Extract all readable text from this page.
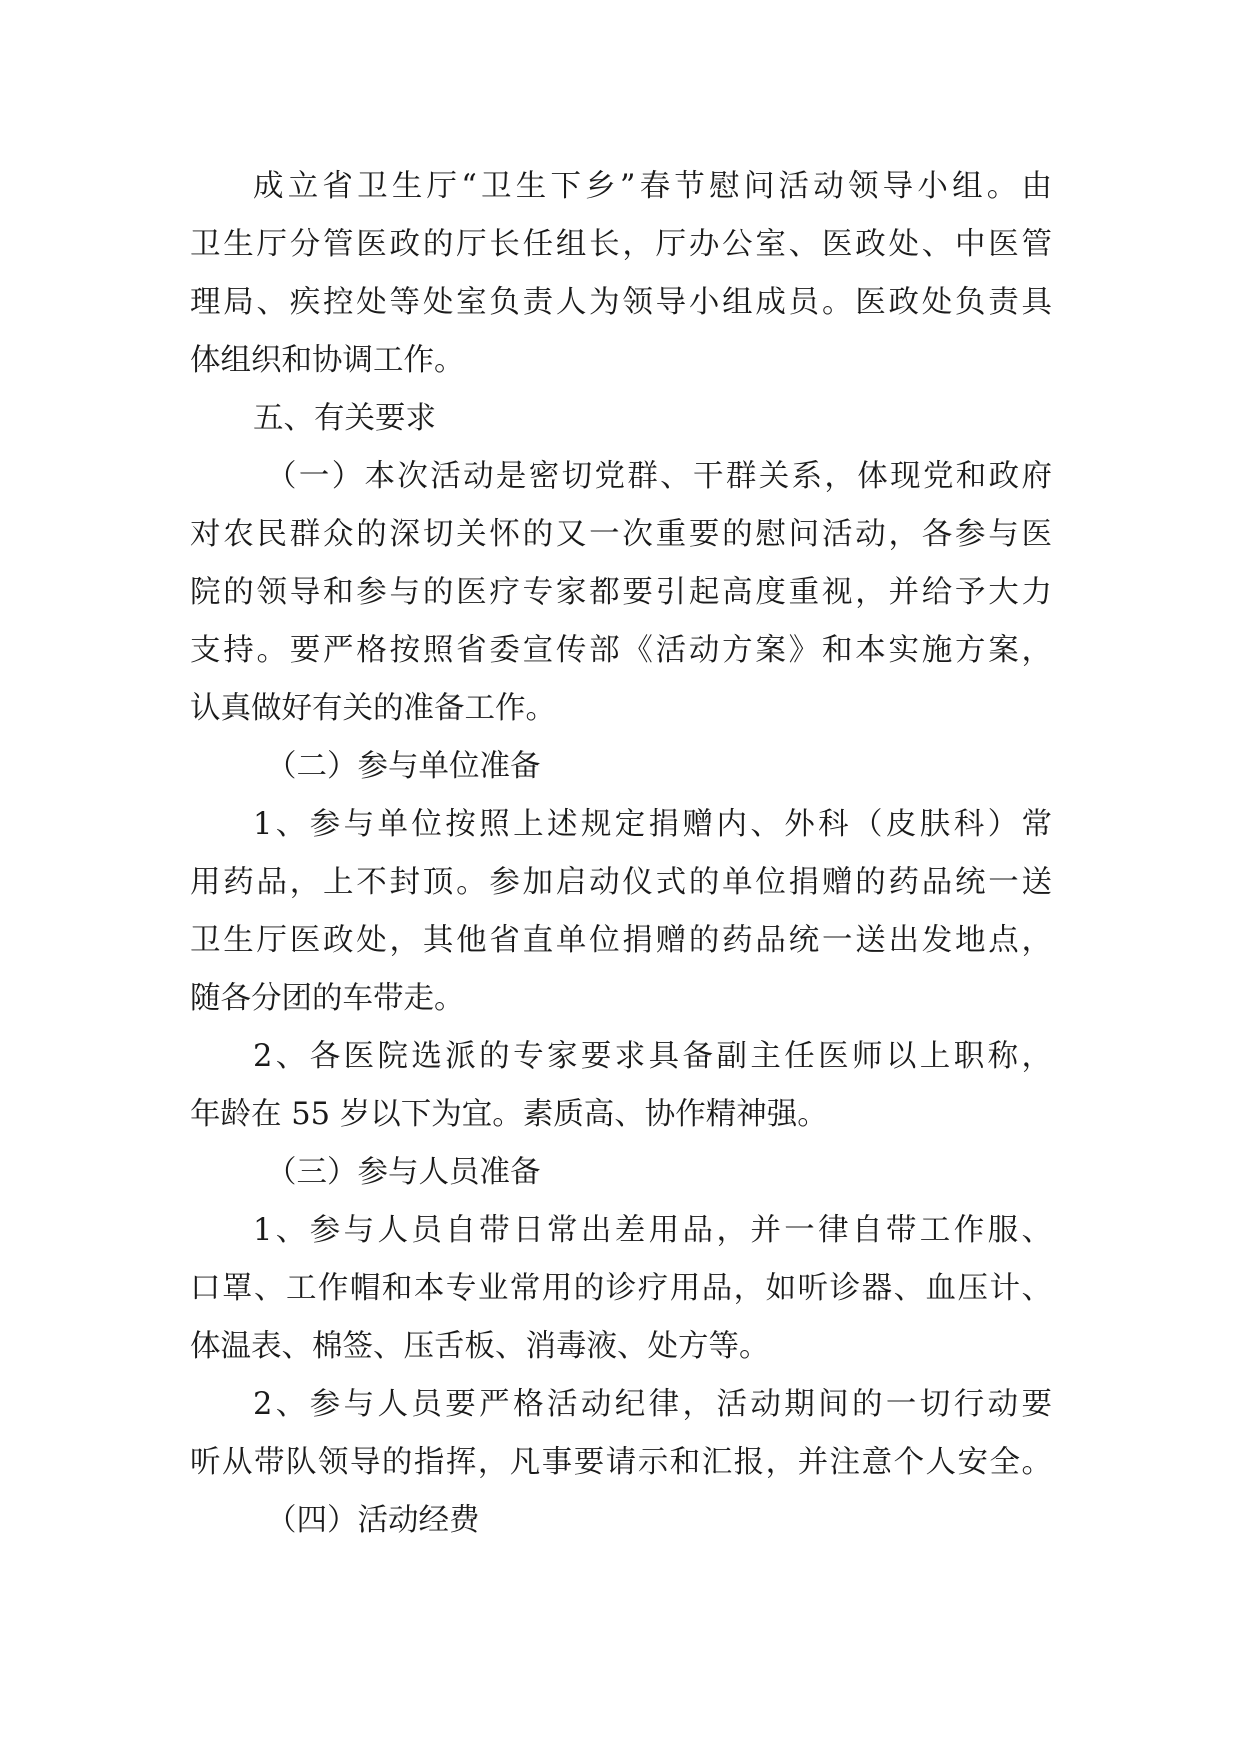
成立省卫生厅“卫生下乡”春节慰问活动领导小组。由
卫生厅分管医政的厅长任组长，厅办公室、医政处、中医管
理局、疾控处等处室负责人为领导小组成员。医政处负责具
体组织和协调工作。
五、有关要求
（一）本次活动是密切党群、干群关系，体现党和政府
对农民群众的深切关怀的又一次重要的慰问活动，各参与医
院的领导和参与的医疗专家都要引起高度重视，并给予大力
支持。要严格按照省委宣传部《活动方案》和本实施方案，
认真做好有关的准备工作。
（二）参与单位准备
1、参与单位按照上述规定捐赠内、外科（皮肤科）常
用药品，上不封顶。参加启动仪式的单位捐赠的药品统一送
卫生厅医政处，其他省直单位捐赠的药品统一送出发地点，
随各分团的车带走。
2、各医院选派的专家要求具备副主任医师以上职称，
年龄在 55 岁以下为宜。素质高、协作精神强。
（三）参与人员准备
1、参与人员自带日常出差用品，并一律自带工作服、
口罩、工作帽和本专业常用的诊疗用品，如听诊器、血压计、
体温表、棉签、压舌板、消毒液、处方等。
2、参与人员要严格活动纪律，活动期间的一切行动要
听从带队领导的指挥，凡事要请示和汇报，并注意个人安全。
（四）活动经费
